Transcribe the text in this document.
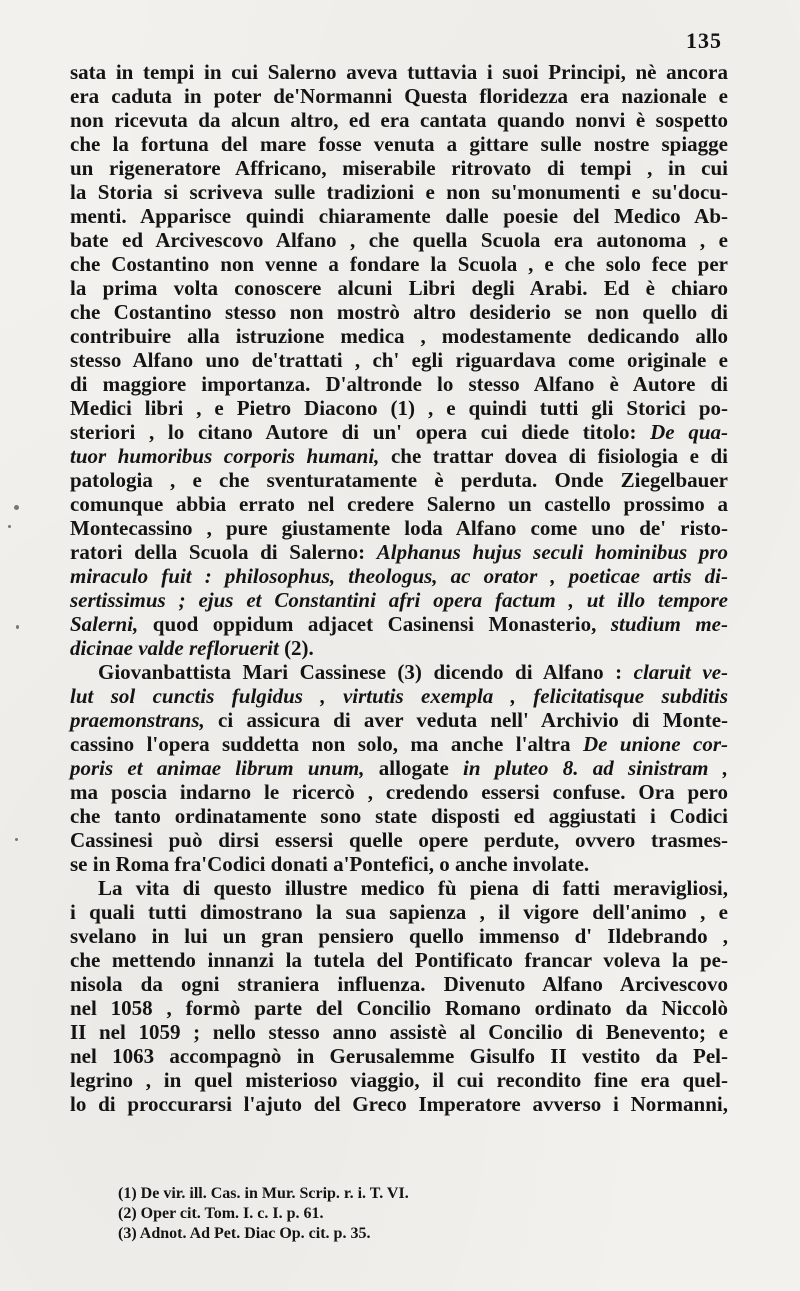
135
sata in tempi in cui Salerno aveva tuttavia i suoi Principi, nè ancora
era caduta in poter de'Normanni Questa floridezza era nazionale e
non ricevuta da alcun altro, ed era cantata quando nonvi è sospetto
che la fortuna del mare fosse venuta a gittare sulle nostre spiagge
un rigeneratore Affricano, miserabile ritrovato di tempi , in cui
la Storia si scriveva sulle tradizioni e non su'monumenti e su'docu-
menti. Apparisce quindi chiaramente dalle poesie del Medico Ab-
bate ed Arcivescovo Alfano , che quella Scuola era autonoma , e
che Costantino non venne a fondare la Scuola , e che solo fece per
la prima volta conoscere alcuni Libri degli Arabi. Ed è chiaro
che Costantino stesso non mostrò altro desiderio se non quello di
contribuire alla istruzione medica , modestamente dedicando allo
stesso Alfano uno de'trattati , ch' egli riguardava come originale e
di maggiore importanza. D'altronde lo stesso Alfano è Autore di
Medici libri , e Pietro Diacono (1) , e quindi tutti gli Storici po-
steriori , lo citano Autore di un' opera cui diede titolo: De qua-
tuor humoribus corporis humani, che trattar dovea di fisiologia e di
patologia , e che sventuratamente è perduta. Onde Ziegelbauer
comunque abbia errato nel credere Salerno un castello prossimo a
Montecassino , pure giustamente loda Alfano come uno de' risto-
ratori della Scuola di Salerno: Alphanus hujus seculi hominibus pro
miraculo fuit : philosophus, theologus, ac orator , poeticae artis di-
sertissimus ; ejus et Constantini afri opera factum , ut illo tempore
Salerni, quod oppidum adjacet Casinensi Monasterio, studium me-
dicinae valde refloruerit (2).
Giovanbattista Mari Cassinese (3) dicendo di Alfano : claruit ve-
lut sol cunctis fulgidus , virtutis exempla , felicitatisque subditis
praemonstrans, ci assicura di aver veduta nell' Archivio di Monte-
cassino l'opera suddetta non solo, ma anche l'altra De unione cor-
poris et animae librum unum, allogate in pluteo 8. ad sinistram ,
ma poscia indarno le ricercò , credendo essersi confuse. Ora pero
che tanto ordinatamente sono state disposti ed aggiustati i Codici
Cassinesi può dirsi essersi quelle opere perdute, ovvero trasmes-
se in Roma fra'Codici donati a'Pontefici, o anche involate.
La vita di questo illustre medico fù piena di fatti meravigliosi,
i quali tutti dimostrano la sua sapienza , il vigore dell'animo , e
svelano in lui un gran pensiero quello immenso d' Ildebrando ,
che mettendo innanzi la tutela del Pontificato francar voleva la pe-
nisola da ogni straniera influenza. Divenuto Alfano Arcivescovo
nel 1058 , formò parte del Concilio Romano ordinato da Niccolò
II nel 1059 ; nello stesso anno assistè al Concilio di Benevento; e
nel 1063 accompagnò in Gerusalemme Gisulfo II vestito da Pel-
legrino , in quel misterioso viaggio, il cui recondito fine era quel-
lo di proccurarsi l'ajuto del Greco Imperatore avverso i Normanni,
(1) De vir. ill. Cas. in Mur. Scrip. r. i. T. VI.
(2) Oper cit. Tom. I. c. I. p. 61.
(3) Adnot. Ad Pet. Diac Op. cit. p. 35.
